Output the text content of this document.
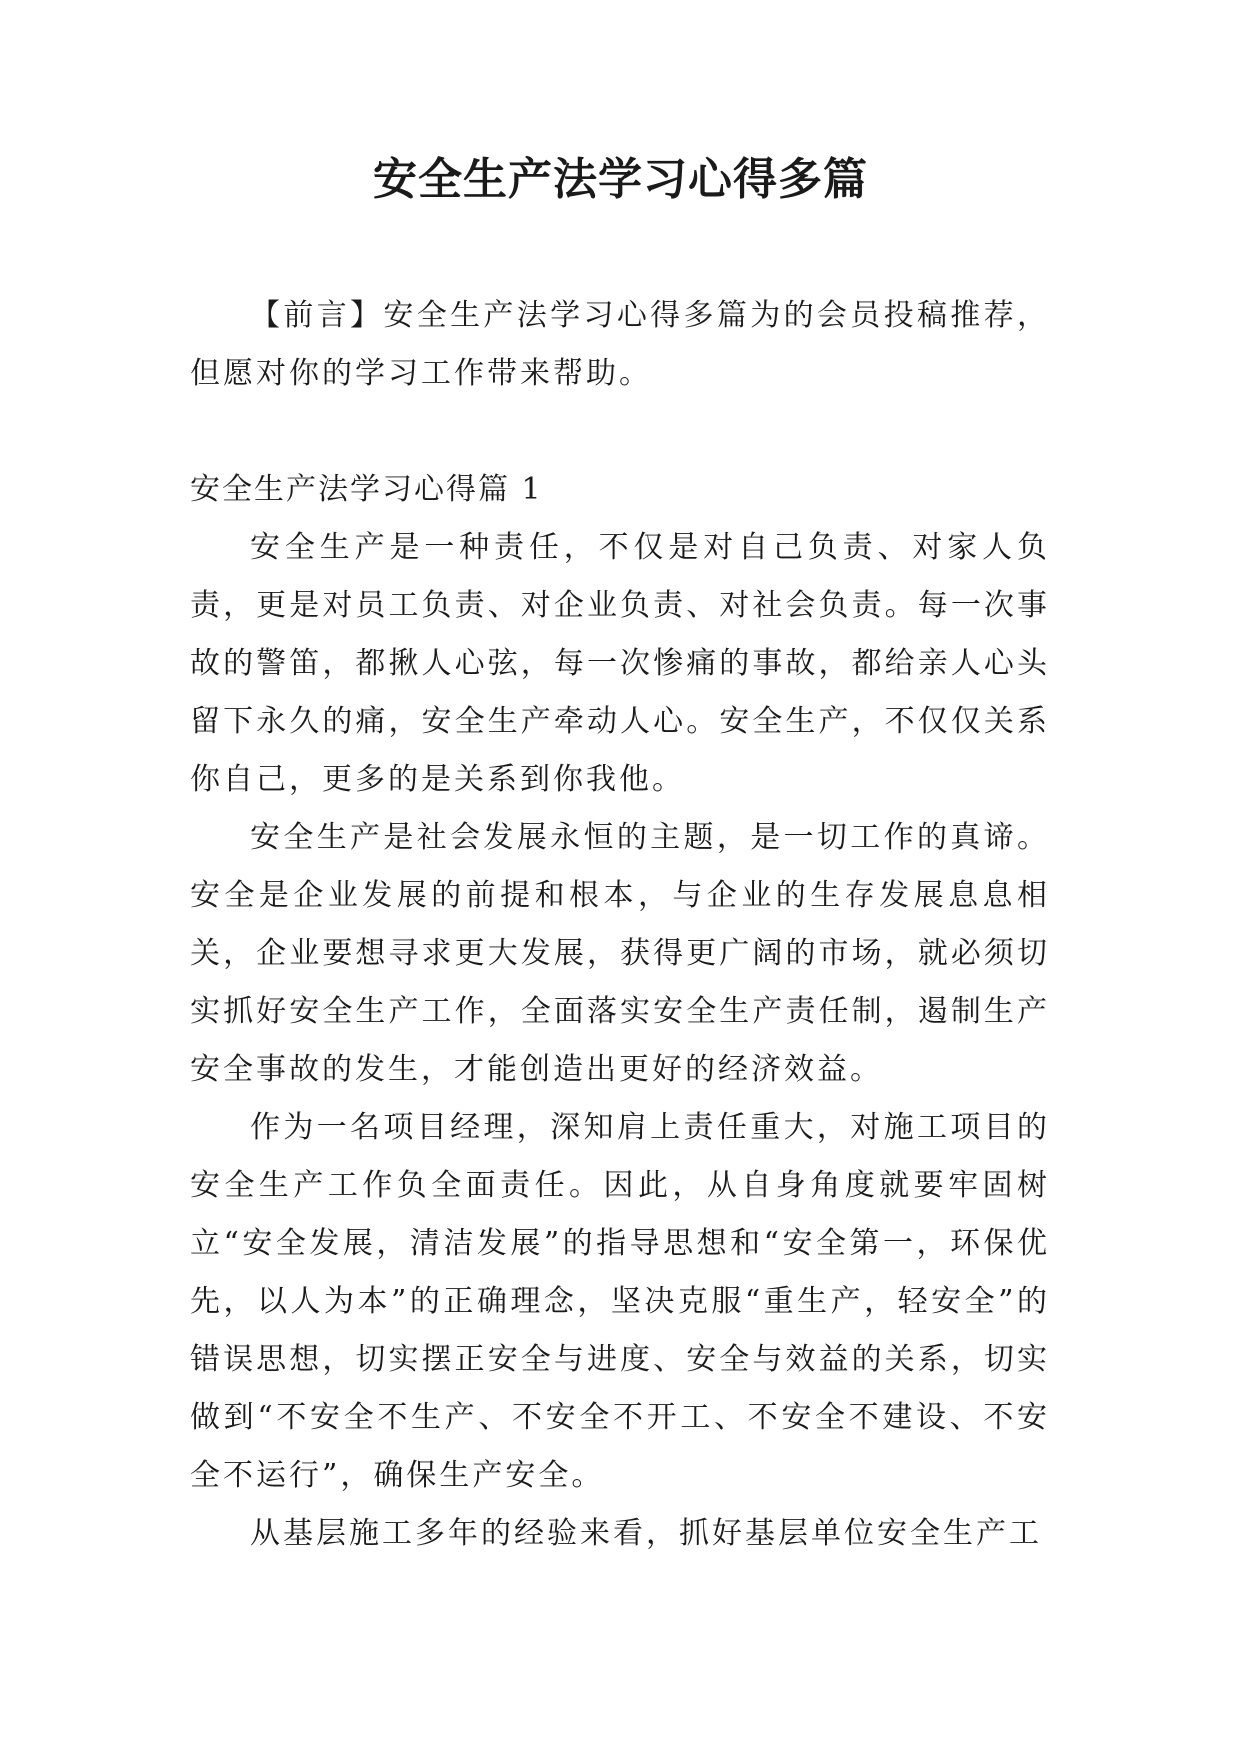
安全生产法学习心得多篇

【前言】安全生产法学习心得多篇为的会员投稿推荐，但愿对你的学习工作带来帮助。

安全生产法学习心得篇 1

安全生产是一种责任，不仅是对自己负责、对家人负责，更是对员工负责、对企业负责、对社会负责。每一次事故的警笛，都揪人心弦，每一次惨痛的事故，都给亲人心头留下永久的痛，安全生产牵动人心。安全生产，不仅仅关系你自己，更多的是关系到你我他。

安全生产是社会发展永恒的主题，是一切工作的真谛。安全是企业发展的前提和根本，与企业的生存发展息息相关，企业要想寻求更大发展，获得更广阔的市场，就必须切实抓好安全生产工作，全面落实安全生产责任制，遏制生产安全事故的发生，才能创造出更好的经济效益。

作为一名项目经理，深知肩上责任重大，对施工项目的安全生产工作负全面责任。因此，从自身角度就要牢固树立“安全发展，清洁发展”的指导思想和“安全第一，环保优先，以人为本”的正确理念，坚决克服“重生产，轻安全”的错误思想，切实摆正安全与进度、安全与效益的关系，切实做到“不安全不生产、不安全不开工、不安全不建设、不安全不运行”，确保生产安全。

从基层施工多年的经验来看，抓好基层单位安全生产工
